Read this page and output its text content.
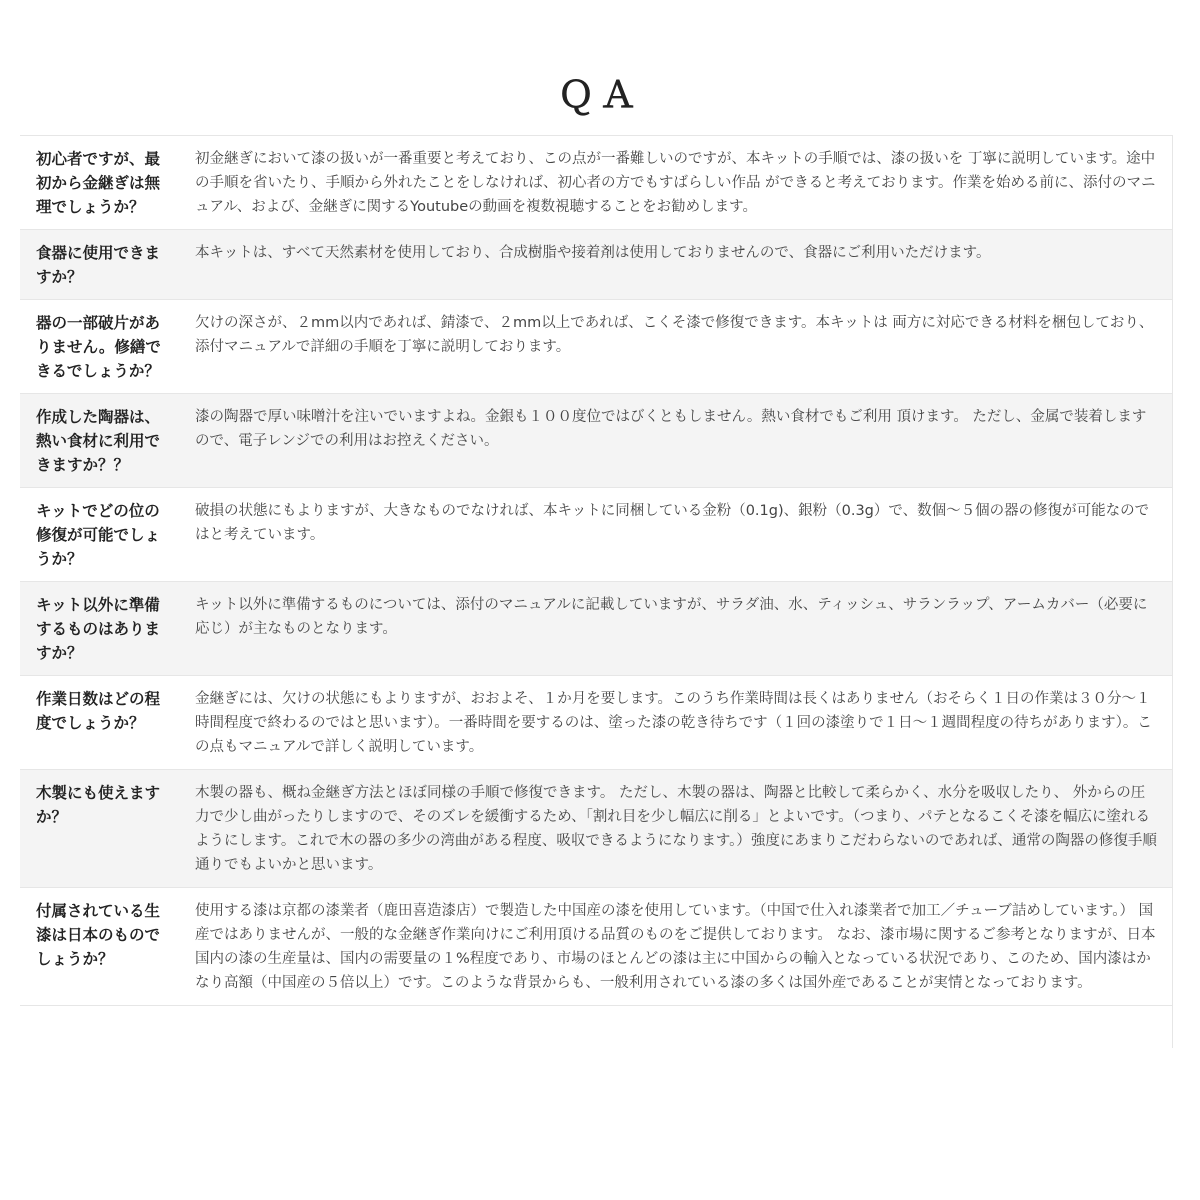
ＱＡ
初心者ですが、最初から金継ぎは無理でしょうか？	初金継ぎにおいて漆の扱いが一番重要と考えており、この点が一番難しいのですが、本キットの手順では、漆の扱いを 丁寧に説明しています。途中の手順を省いたり、手順から外れたことをしなければ、初心者の方でもすばらしい作品 ができると考えております。作業を始める前に、添付のマニュアル、および、金継ぎに関するYoutubeの動画を複数視聴することをお勧めします。
食器に使用できますか？	本キットは、すべて天然素材を使用しており、合成樹脂や接着剤は使用しておりませんので、食器にご利用いただけます。
器の一部破片がありません。修繕できるでしょうか？	欠けの深さが、２mm以内であれば、錆漆で、２mm以上であれば、こくそ漆で修復できます。本キットは 両方に対応できる材料を梱包しており、添付マニュアルで詳細の手順を丁寧に説明しております。
作成した陶器は、熱い食材に利用できますか？？	漆の陶器で厚い味噌汁を注いでいますよね。金銀も１００度位ではびくともしません。熱い食材でもご利用 頂けます。 ただし、金属で装着しますので、電子レンジでの利用はお控えください。
キットでどの位の修復が可能でしょうか？	破損の状態にもよりますが、大きなものでなければ、本キットに同梱している金粉（0.1g)、銀粉（0.3g）で、数個～５個の器の修復が可能なのではと考えています。
キット以外に準備するものはありますか？	キット以外に準備するものについては、添付のマニュアルに記載していますが、サラダ油、水、ティッシュ、サランラップ、アームカバー（必要に応じ）が主なものとなります。
作業日数はどの程度でしょうか？	金継ぎには、欠けの状態にもよりますが、おおよそ、１か月を要します。このうち作業時間は長くはありません（おそらく１日の作業は３０分～１時間程度で終わるのではと思います）。一番時間を要するのは、塗った漆の乾き待ちです（１回の漆塗りで１日～１週間程度の待ちがあります）。この点もマニュアルで詳しく説明しています。
木製にも使えますか？	木製の器も、概ね金継ぎ方法とほぼ同様の手順で修復できます。 ただし、木製の器は、陶器と比較して柔らかく、水分を吸収したり、 外からの圧力で少し曲がったりしますので、そのズレを緩衝するため、「割れ目を少し幅広に削る」とよいです。（つまり、パテとなるこくそ漆を幅広に塗れるようにします。これで木の器の多少の湾曲がある程度、吸収できるようになります。）強度にあまりこだわらないのであれば、通常の陶器の修復手順 通りでもよいかと思います。
付属されている生漆は日本のものでしょうか？	使用する漆は京都の漆業者（鹿田喜造漆店）で製造した中国産の漆を使用しています。（中国で仕入れ漆業者で加工／チューブ詰めしています。） 国産ではありませんが、一般的な金継ぎ作業向けにご利用頂ける品質のものをご提供しております。 なお、漆市場に関するご参考となりますが、日本国内の漆の生産量は、国内の需要量の１%程度であり、市場のほとんどの漆は主に中国からの輸入となっている状況であり、このため、国内漆はかなり高額（中国産の５倍以上）です。このような背景からも、一般利用されている漆の多くは国外産であることが実情となっております。
